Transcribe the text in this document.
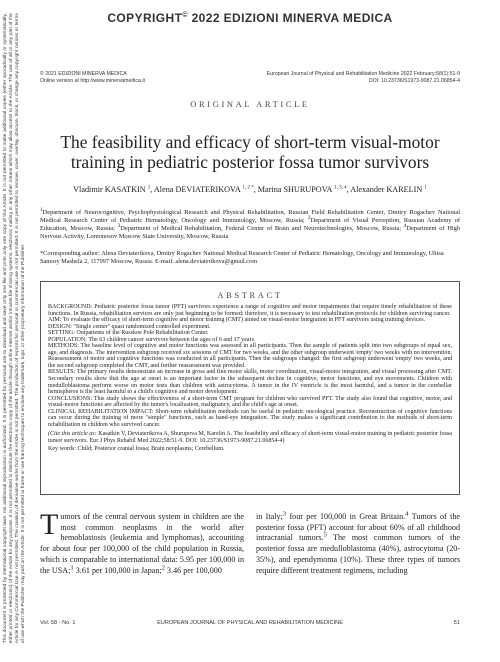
COPYRIGHT© 2022 EDIZIONI MINERVA MEDICA
This document is protected by international copyright laws. No additional reproduction is authorized. It is permitted for personal use to download and save only one file and print only one copy of this Article. It is not permitted to make additional copies (either sporadically or systematically, either printed or electronic) of the Article for any purpose. It is not permitted to distribute the electronic copy of the article through online internet and/or intranet file sharing systems, electronic mailing or any other means which may allow access to the Article. The use of all or any part of the Article for any Commercial Use is not permitted. The creation of derivative works from the Article is not permitted. The production of reprints for personal or commercial use is not permitted. It is not permitted to remove, cover, overlay, obscure, block, or change any copyright notices or terms of use which the Publisher may post on the Article. It is not permitted to frame or use framing techniques to enclose any trademark, logo, or other proprietary information of the Publisher.
© 2021 EDIZIONI MINERVA MEDICA
Online version at http://www.minervamedica.it
European Journal of Physical and Rehabilitation Medicine 2022 February;58(1):51-9
DOI: 10.23736/S1973-9087.21.06854-4
ORIGINAL ARTICLE
The feasibility and efficacy of short-term visual-motor
training in pediatric posterior fossa tumor survivors
Vladimir KASATKIN $^1$, Alena DEVIATERIKOVA $^{1, 2 *}$, Marina SHURUPOVA $^{1, 3, 4}$, Alexander KARELIN $^1$
$^1$Department of Neurocognitive, Psychophysiological Research and Physical Rehabilitation, Russian Field Rehabilitation Center, Dmitry Rogachev National Medical Research Center of Pediatric Hematology, Oncology and Immunology, Moscow, Russia; $^2$Department of Visual Perception, Russian Academy of Education, Moscow, Russia; $^3$Department of Medical Rehabilitation, Federal Center of Brain and Neurotechnologies, Moscow, Russia; $^4$Department of High Nervous Activity, Lomonosov Moscow State University, Moscow, Russia
*Corresponding author: Alena Deviaterikova, Dmitry Rogachev National Medical Research Center of Pediatric Hematology, Oncology and Immunology, Ulitsa Samory Mashela 2, 117997 Moscow, Russia. E-mail: alena.deviaterikova@gmail.com
ABSTRACT

BACKGROUND: Pediatric posterior fossa tumor (PFT) survivors experience a range of cognitive and motor impairments that require timely rehabilitation of these functions. In Russia, rehabilitation services are only just beginning to be formed; therefore, it is necessary to test rehabilitation protocols for children surviving cancer.

AIM: To evaluate the efficacy of short-term cognitive and motor training (CMT) aimed on visual-motor integration in PFT survivors using training devices.

DESIGN: "Single center" quasi randomized controlled experiment.

SETTING: Outpatients of the Russkoe Pole Rehabilitation Center.

POPULATION: The 63 children cancer survivors between the ages of 6 and 17 years.

METHODS: The baseline level of cognitive and motor functions was assessed in all participants. Then the sample of patients split into two subgroups of equal sex, age, and diagnosis. The intervention subgroup received six sessions of CMT for two weeks, and the other subgroup underwent 'empty' two weeks with no intervention. Reassessment of motor and cognitive functions was conducted in all participants. Then the subgroups changed: the first subgroup underwent 'empty' two weeks, and the second subgroup completed the CMT, and further reassessment was provided.

RESULTS: The primary results demonstrate an increase in gross and fine motor skills, motor coordination, visual-motor integration, and visual processing after CMT. Secondary results show that the age at onset is an important factor in the subsequent decline in cognitive, motor functions, and eye movements. Children with medulloblastoma perform worse on motor tests than children with astrocytoma. A tumor in the IV ventricle is the most harmful, and a tumor in the cerebellar hemispheres is the least harmful to a child's cognitive and motor development.

CONCLUSIONS: This study shows the effectiveness of a short-term CMT program for children who survived PFT. The study also found that cognitive, motor, and visual-motor functions are affected by the tumor's localization, malignancy, and the child's age at onset.

CLINICAL REHABILITATION IMPACT: Short-term rehabilitation methods can be useful in pediatric oncological practice. Reconstruction of cognitive functions can occur during the training of more "simple" functions, such as hand-eye integration. The study makes a significant contribution to the methods of short-term rehabilitation in children who survived cancer.

(Cite this article as: Kasatkin V, Deviaterikova A, Shurupova M, Karelin A. The feasibility and efficacy of short-term visual-motor training in pediatric posterior fossa tumor survivors. Eur J Phys Rehabil Med 2022;58:51-9. DOI: 10.23736/S1973-9087.21.06854-4)

Key words: Child; Posterior cranial fossa; Brain neoplasms; Cerebellum.

Tumors of the central nervous system in children are the most common neoplasms in the world after hemoblastosis (leukemia and lymphomas), accounting for about four per 100,000 of the child population in Russia, which is comparable to international data: 5.95 per 100,000 in the USA;$^1$ 3.61 per 100,000 in Japan;$^2$ 3.46 per 100,000

in Italy;$^3$ four per 100,000 in Great Britain.$^4$ Tumors of the posterior fossa (PFT) account for about 60% of all childhood intracranial tumors.$^5$ The most common tumors of the posterior fossa are medulloblastoma (40%), astrocytoma (20-35%), and ependymoma (10%). These three types of tumors require different treatment regimens, including

Vol. 58 - No. 1	EUROPEAN JOURNAL OF PHYSICAL AND REHABILITATION MEDICINE	51
